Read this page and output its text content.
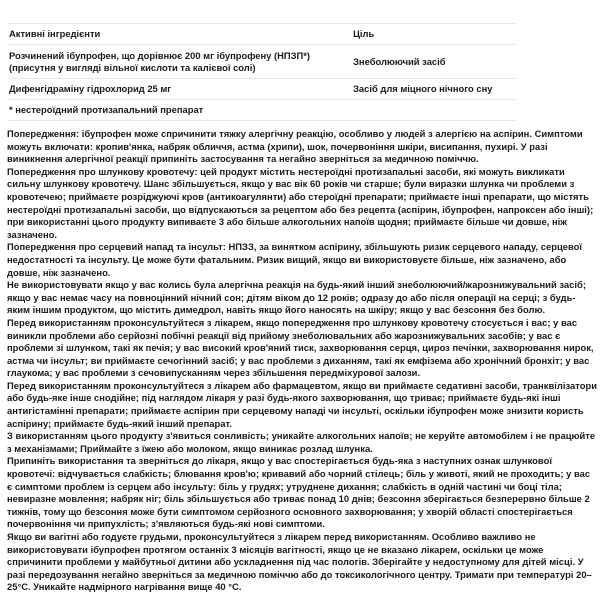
Активні інгредієнти	Ціль
Розчинений ібупрофен, що дорівнює 200 мг ібупрофену (НПЗП*)
(присутня у вигляді вільної кислоти та калієвої солі)	Знеболюючий засіб
Дифенгідраміну гідрохлорид 25 мг	Засіб для міцного нічного сну
* нестероїдний протизапальний препарат	

Попередження: ібупрофен може спричинити тяжку алергічну реакцію, особливо у людей з алергією на аспірин. Симптоми можуть включати: кропив'янка, набряк обличчя, астма (хрипи), шок, почервоніння шкіри, висипання, пухирі. У разі виникнення алергічної реакції припиніть застосування та негайно зверніться за медичною поміччю.

Попередження про шлункову кровотечу: цей продукт містить нестероїдні протизапальні засоби, які можуть викликати сильну шлункову кровотечу. Шанс збільшується, якщо у вас вік 60 років чи старше; були виразки шлунка чи проблеми з кровотечею; приймаєте розріджуючі кров (антикоагулянти) або стероїдні препарати; приймаєте інші препарати, що містять нестероїдні протизапальні засоби, що відпускаються за рецептом або без рецепта (аспірин, ібупрофен, напроксен або інші); при використанні цього продукту випиваєте 3 або більше алкогольних напоїв щодня; приймаєте більше чи довше, ніж зазначено.

Попередження про серцевий напад та інсульт: НПЗЗ, за винятком аспірину, збільшують ризик серцевого нападу, серцевої недостатності та інсульту. Це може бути фатальним. Ризик вищий, якщо ви використовуєте більше, ніж зазначено, або довше, ніж зазначено.

Не використовувати якщо у вас колись була алергічна реакція на будь-який інший знеболюючий/жарознижувальний засіб; якщо у вас немає часу на повноцінний нічний сон; дітям віком до 12 років; одразу до або після операції на серці; з будь-яким іншим продуктом, що містить димедрол, навіть якщо його наносять на шкіру; якщо у вас безсоння без болю.

Перед використанням проконсультуйтеся з лікарем, якщо попередження про шлункову кровотечу стосується і вас; у вас виникли проблеми або серйозні побічні реакції від прийому знеболювальних або жарознижувальних засобів; у вас є проблеми зі шлунком, такі як печія; у вас високий кров'яний тиск, захворювання серця, цироз печінки, захворювання нирок, астма чи інсульт; ви приймаєте сечогінний засіб; у вас проблеми з диханням, такі як емфізема або хронічний бронхіт; у вас глаукома; у вас проблеми з сечовипусканням через збільшення передміхурової залози.

Перед використанням проконсультуйтеся з лікарем або фармацевтом, якщо ви приймаєте седативні засоби, транквілізатори або будь-яке інше снодійне; під наглядом лікаря у разі будь-якого захворювання, що триває; приймаєте будь-які інші антигістамінні препарати; приймаєте аспірин при серцевому нападі чи інсульті, оскільки ібупрофен може знизити користь аспірину; приймаєте будь-який інший препарат.

З використанням цього продукту з'явиться сонливість; уникайте алкогольних напоїв; не керуйте автомобілем і не працюйте з механізмами; Приймайте з їжею або молоком, якщо виникає розлад шлунка.

Припиніть використання та зверніться до лікаря, якщо у вас спостерігається будь-яка з наступних ознак шлункової кровотечі: відчувається слабкість; блювання кров'ю; кривавий або чорний стілець; біль у животі, який не проходить; у вас є симптоми проблем із серцем або інсульту: біль у грудях; утруднене дихання; слабкість в одній частині чи боці тіла; невиразне мовлення; набряк ніг; біль збільшується або триває понад 10 днів; безсоння зберігається безперервно більше 2 тижнів, тому що безсоння може бути симптомом серйозного основного захворювання; у хворій області спостерігається почервоніння чи припухлість; з'являються будь-які нові симптоми.

Якщо ви вагітні або годуєте грудьми, проконсультуйтеся з лікарем перед використанням. Особливо важливо не використовувати ібупрофен протягом останніх 3 місяців вагітності, якщо це не вказано лікарем, оскільки це може спричинити проблеми у майбутньої дитини або ускладнення під час пологів. Зберігайте у недоступному для дітей місці. У разі передозування негайно зверніться за медичною поміччю або до токсикологічного центру. Тримати при температурі 20–25°C. Уникайте надмірного нагрівання вище 40 °C.
